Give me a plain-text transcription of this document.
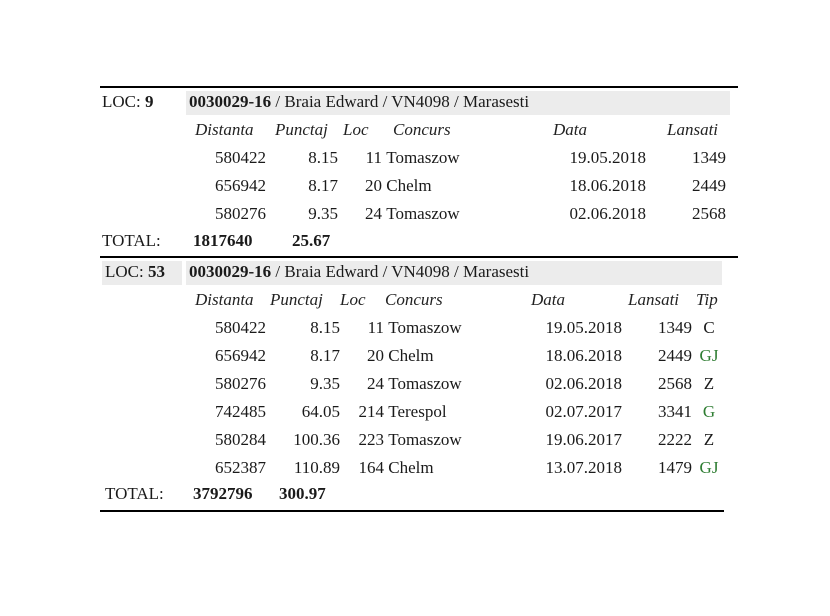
LOC: 9 0030029-16 / Braia Edward / VN4098 / Marasesti
Distanta Punctaj Loc Concurs	Data	Lansati
580422	8.15	11	Tomaszow	19.05.2018	1349
656942	8.17	20	Chelm	18.06.2018	2449
580276	9.35	24	Tomaszow	02.06.2018	2568
TOTAL: 1817640 25.67
LOC: 53 0030029-16 / Braia Edward / VN4098 / Marasesti
Distanta Punctaj Loc Concurs	Data	Lansati Tip
580422	8.15	11	Tomaszow	19.05.2018	1349	C
656942	8.17	20	Chelm	18.06.2018	2449	GJ
580276	9.35	24	Tomaszow	02.06.2018	2568	Z
742485	64.05	214	Terespol	02.07.2017	3341	G
580284	100.36	223	Tomaszow	19.06.2017	2222	Z
652387	110.89	164	Chelm	13.07.2018	1479	GJ
TOTAL: 3792796 300.97
